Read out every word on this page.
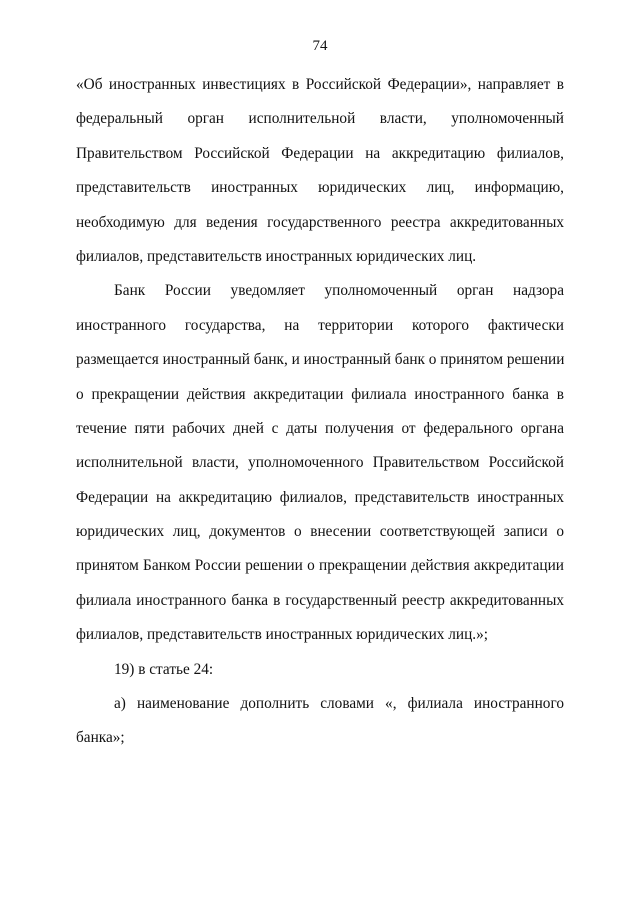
74
«Об иностранных инвестициях в Российской Федерации», направляет в
федеральный орган исполнительной власти, уполномоченный
Правительством Российской Федерации на аккредитацию филиалов,
представительств иностранных юридических лиц, информацию,
необходимую для ведения государственного реестра аккредитованных
филиалов, представительств иностранных юридических лиц.
Банк России уведомляет уполномоченный орган надзора
иностранного государства, на территории которого фактически
размещается иностранный банк, и иностранный банк о принятом решении
о прекращении действия аккредитации филиала иностранного банка в
течение пяти рабочих дней с даты получения от федерального органа
исполнительной власти, уполномоченного Правительством Российской
Федерации на аккредитацию филиалов, представительств иностранных
юридических лиц, документов о внесении соответствующей записи о
принятом Банком России решении о прекращении действия аккредитации
филиала иностранного банка в государственный реестр аккредитованных
филиалов, представительств иностранных юридических лиц.»;
19) в статье 24:
а) наименование дополнить словами «, филиала иностранного
банка»;
